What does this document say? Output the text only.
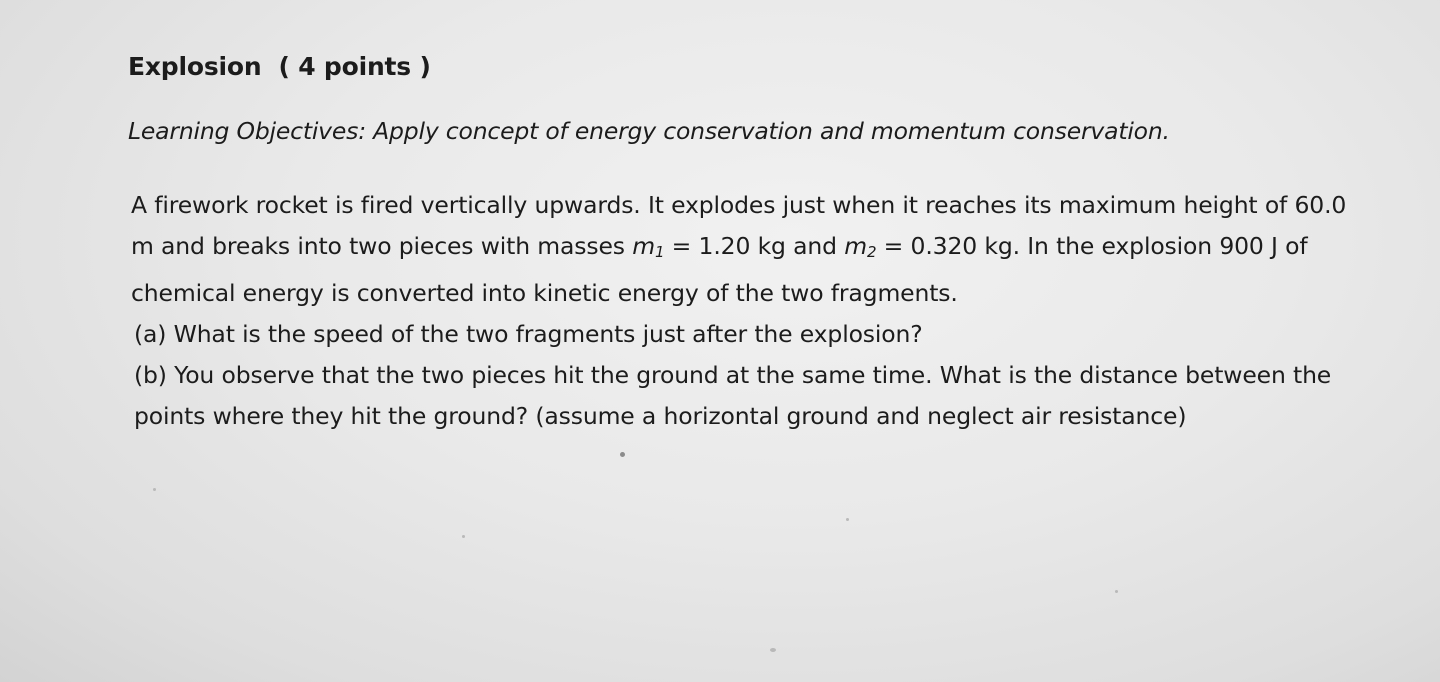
Explosion ( 4 points )

Learning Objectives: Apply concept of energy conservation and momentum conservation.

A firework rocket is fired vertically upwards. It explodes just when it reaches its maximum height of 60.0 m and breaks into two pieces with masses $m_1 = 1.20$ kg and $m_2 = 0.320$ kg. In the explosion 900 J of chemical energy is converted into kinetic energy of the two fragments.

(a) What is the speed of the two fragments just after the explosion?

(b) You observe that the two pieces hit the ground at the same time. What is the distance between the points where they hit the ground? (assume a horizontal ground and neglect air resistance)
